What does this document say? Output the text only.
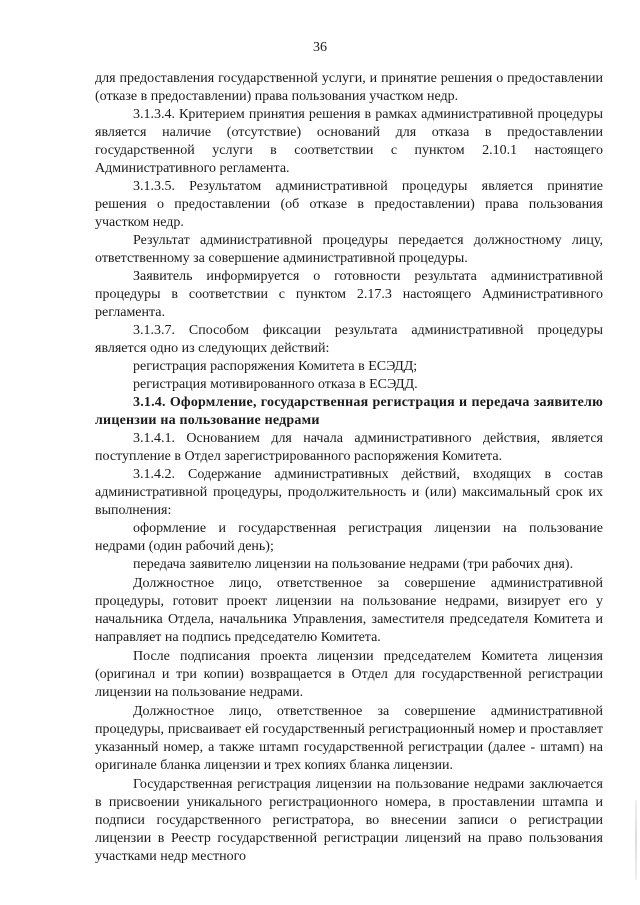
36

для предоставления государственной услуги, и принятие решения о предоставлении (отказе в предоставлении) права пользования участком недр.

3.1.3.4. Критерием принятия решения в рамках административной процедуры является наличие (отсутствие) оснований для отказа в предоставлении государственной услуги в соответствии с пунктом 2.10.1 настоящего Административного регламента.

3.1.3.5. Результатом административной процедуры является принятие решения о предоставлении (об отказе в предоставлении) права пользования участком недр.

Результат административной процедуры передается должностному лицу, ответственному за совершение административной процедуры.

Заявитель информируется о готовности результата административной процедуры в соответствии с пунктом 2.17.3 настоящего Административного регламента.

3.1.3.7. Способом фиксации результата административной процедуры является одно из следующих действий:

регистрация распоряжения Комитета в ЕСЭДД;

регистрация мотивированного отказа в ЕСЭДД.

3.1.4. Оформление, государственная регистрация и передача заявителю лицензии на пользование недрами

3.1.4.1. Основанием для начала административного действия, является поступление в Отдел зарегистрированного распоряжения Комитета.

3.1.4.2. Содержание административных действий, входящих в состав административной процедуры, продолжительность и (или) максимальный срок их выполнения:

оформление и государственная регистрация лицензии на пользование недрами (один рабочий день);

передача заявителю лицензии на пользование недрами (три рабочих дня).

Должностное лицо, ответственное за совершение административной процедуры, готовит проект лицензии на пользование недрами, визирует его у начальника Отдела, начальника Управления, заместителя председателя Комитета и направляет на подпись председателю Комитета.

После подписания проекта лицензии председателем Комитета лицензия (оригинал и три копии) возвращается в Отдел для государственной регистрации лицензии на пользование недрами.

Должностное лицо, ответственное за совершение административной процедуры, присваивает ей государственный регистрационный номер и проставляет указанный номер, а также штамп государственной регистрации (далее - штамп) на оригинале бланка лицензии и трех копиях бланка лицензии.

Государственная регистрация лицензии на пользование недрами заключается в присвоении уникального регистрационного номера, в проставлении штампа и подписи государственного регистратора, во внесении записи о регистрации лицензии в Реестр государственной регистрации лицензий на право пользования участками недр местного
